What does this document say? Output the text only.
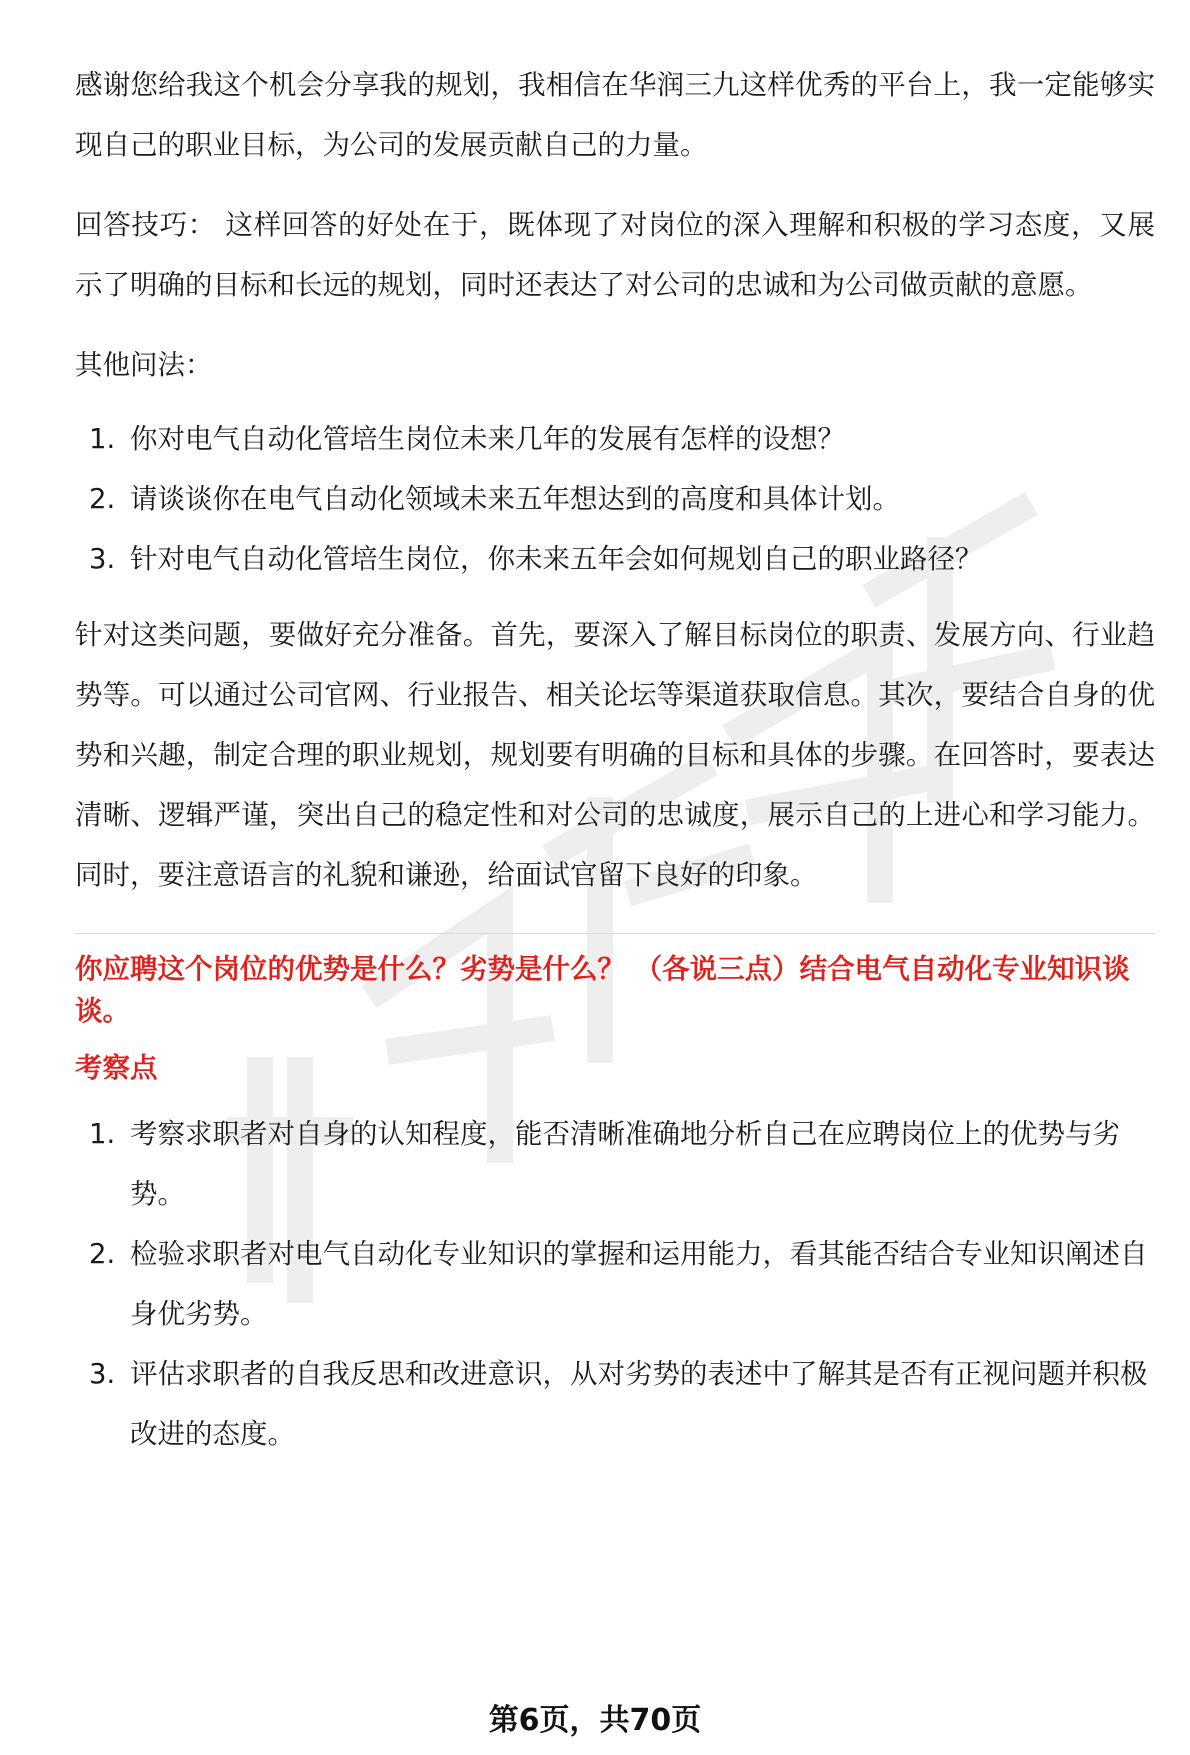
感谢您给我这个机会分享我的规划，我相信在华润三九这样优秀的平台上，我一定能够实现自己的职业目标，为公司的发展贡献自己的力量。

回答技巧： 这样回答的好处在于，既体现了对岗位的深入理解和积极的学习态度，又展示了明确的目标和长远的规划，同时还表达了对公司的忠诚和为公司做贡献的意愿。

其他问法：

1. 你对电气自动化管培生岗位未来几年的发展有怎样的设想？
2. 请谈谈你在电气自动化领域未来五年想达到的高度和具体计划。
3. 针对电气自动化管培生岗位，你未来五年会如何规划自己的职业路径？

针对这类问题，要做好充分准备。首先，要深入了解目标岗位的职责、发展方向、行业趋势等。可以通过公司官网、行业报告、相关论坛等渠道获取信息。其次，要结合自身的优势和兴趣，制定合理的职业规划，规划要有明确的目标和具体的步骤。在回答时，要表达清晰、逻辑严谨，突出自己的稳定性和对公司的忠诚度，展示自己的上进心和学习能力。同时，要注意语言的礼貌和谦逊，给面试官留下良好的印象。

你应聘这个岗位的优势是什么？劣势是什么？ （各说三点）结合电气自动化专业知识谈谈。

考察点

1. 考察求职者对自身的认知程度，能否清晰准确地分析自己在应聘岗位上的优势与劣势。
2. 检验求职者对电气自动化专业知识的掌握和运用能力，看其能否结合专业知识阐述自身优劣势。
3. 评估求职者的自我反思和改进意识，从对劣势的表述中了解其是否有正视问题并积极改进的态度。
第6页，共70页
